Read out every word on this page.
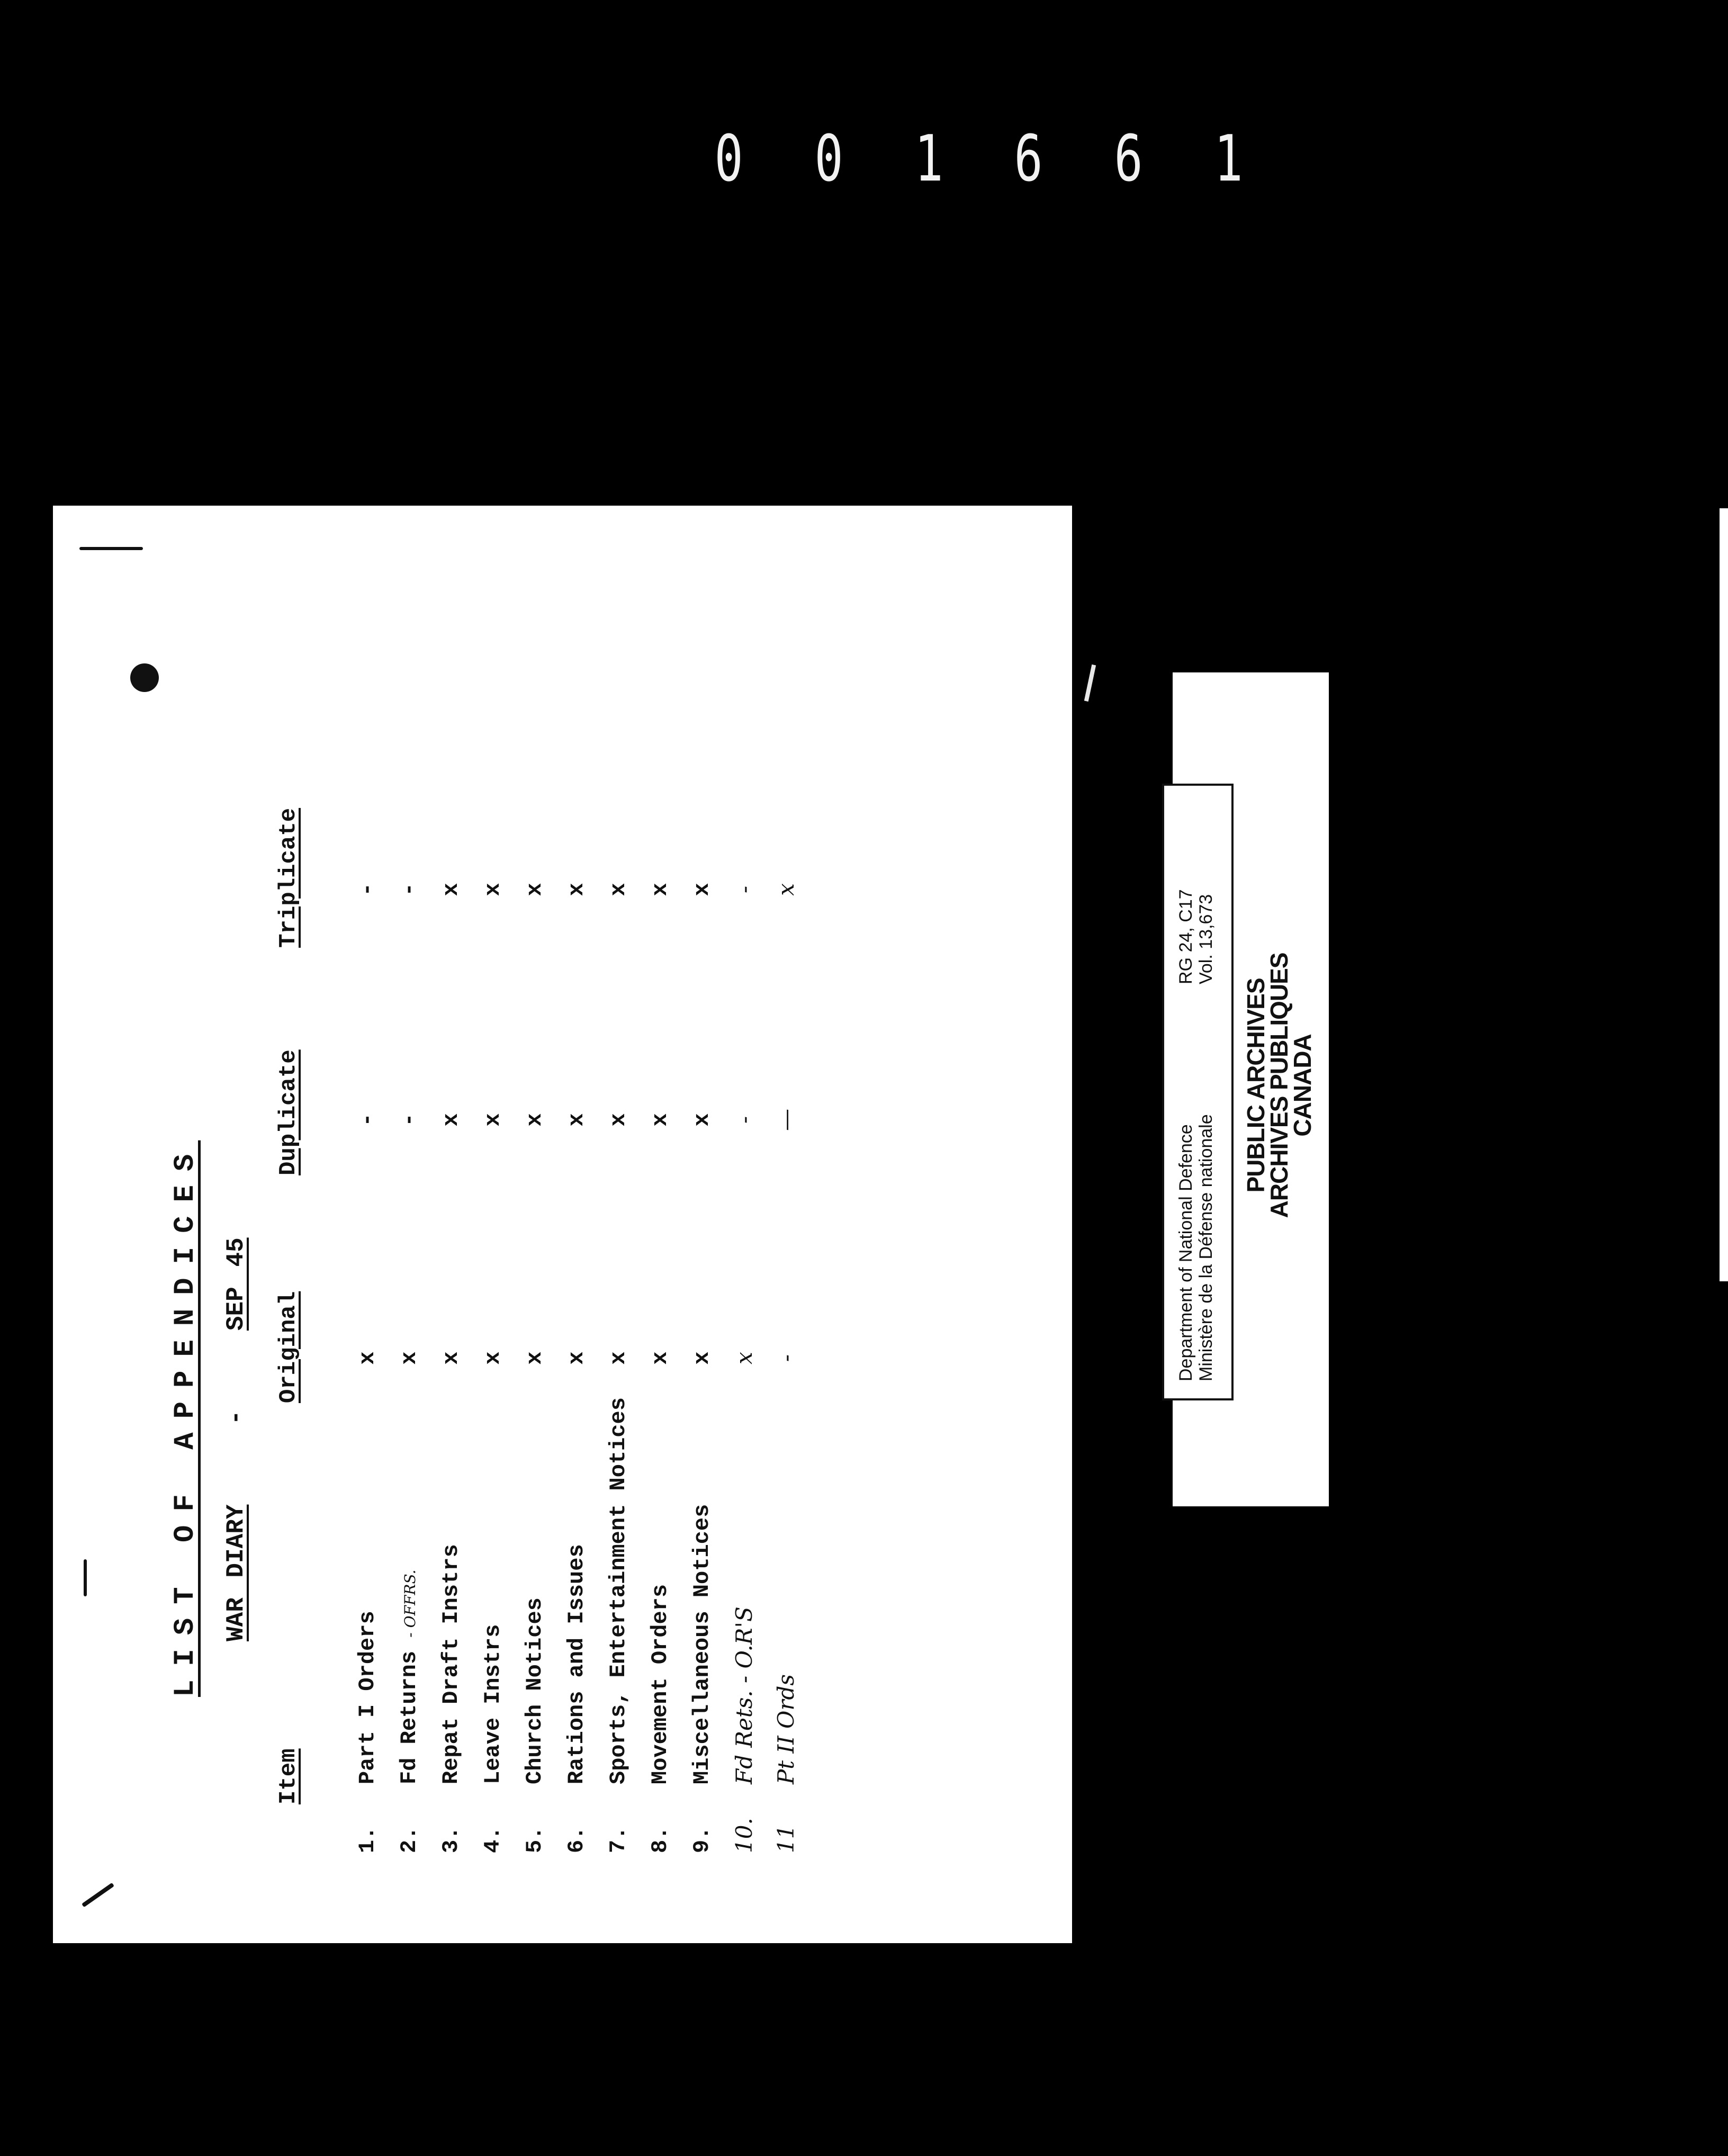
0 0 1 6 6 1
LIST OF APPENDICES WAR DIARY    -    SEP 45
Item
Original
Duplicate
Triplicate
1.
Part I Orders
x
-
-
2.
Fd Returns - OFFRS.
x
-
-
3.
Repat Draft Instrs
x
x
x
4.
Leave Instrs
x
x
x
5.
Church Notices
x
x
x
6.
Rations and Issues
x
x
x
7.
Sports, Entertainment Notices
x
x
x
8.
Movement Orders
x
x
x
9.
Miscellaneous Notices
x
x
x
10.
Fd Rets. - O.R'S
x
-
-
11
Pt II Ords
-
—
x
Department of National Defence Ministère de la Défense nationale
RG 24, C17 Vol. 13,673
PUBLIC ARCHIVES
ARCHIVES PUBLIQUES
CANADA
